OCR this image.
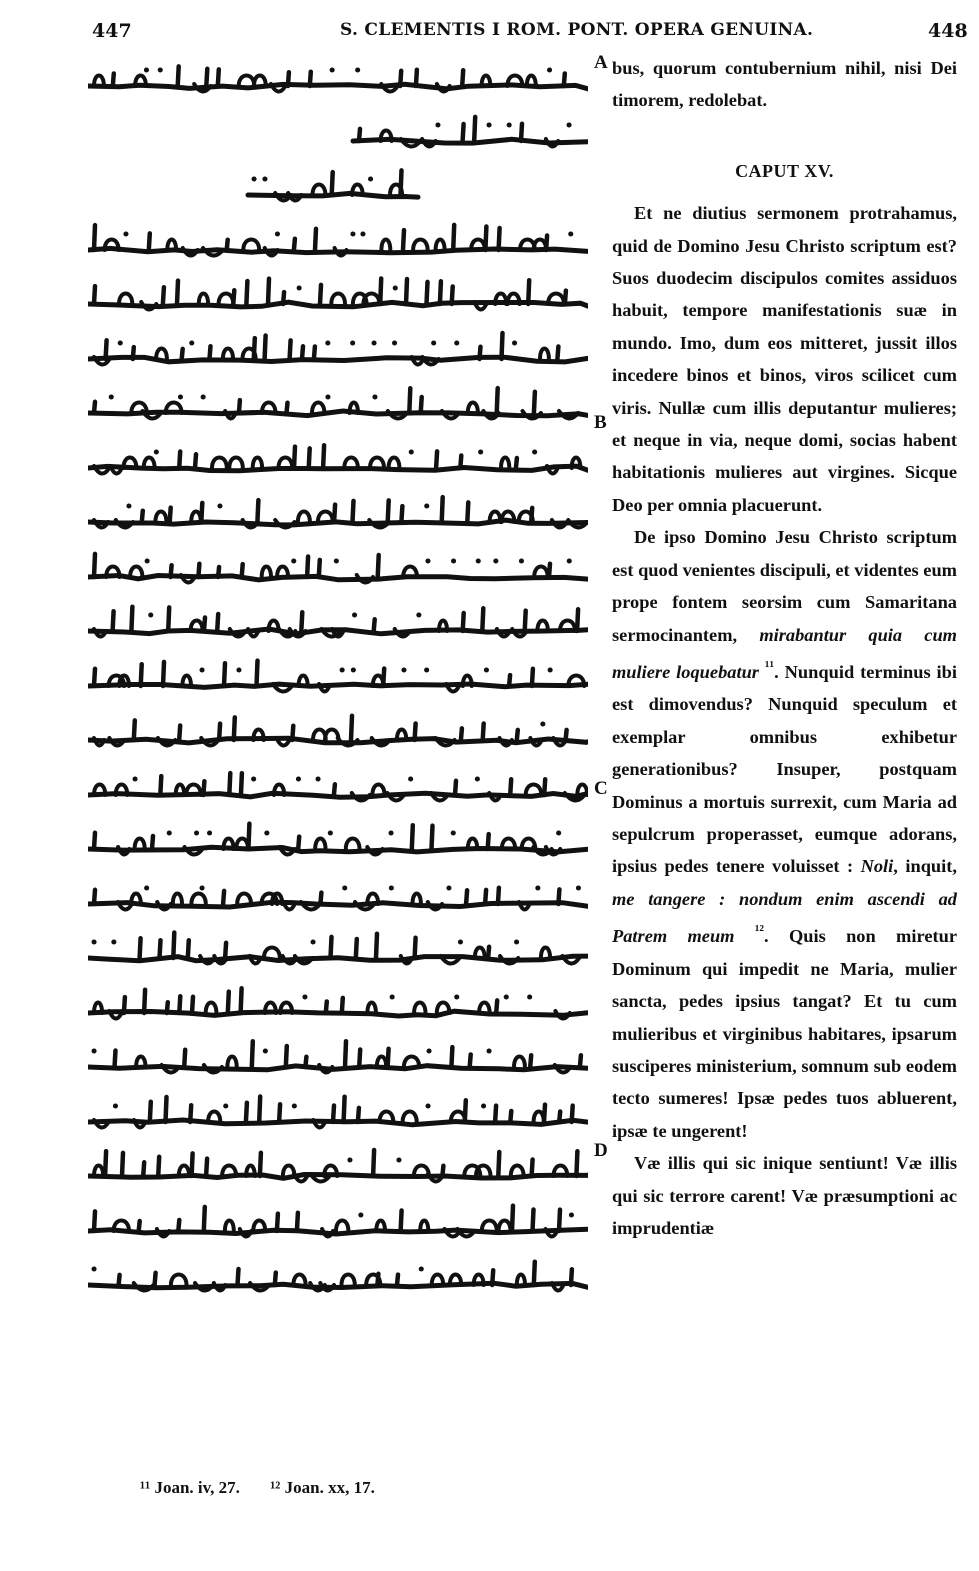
447	S. CLEMENTIS I ROM. PONT. OPERA GENUINA.	448
A
B
C
D

bus, quorum contubernium nihil, nisi Dei timorem, redolebat.

CAPUT XV.

Et ne diutius sermonem protrahamus, quid de Domino Jesu Christo scriptum est? Suos duodecim discipulos comites assiduos habuit, tempore manifestationis suæ in mundo. Imo, dum eos mitteret, jussit illos incedere binos et binos, viros scilicet cum viris. Nullæ cum illis deputantur mulieres; et neque in via, neque domi, socias habent habitationis mulieres aut virgines. Sicque Deo per omnia placuerunt.

De ipso Domino Jesu Christo scriptum est quod venientes discipuli, et videntes eum prope fontem seorsim cum Samaritana sermocinantem, mirabantur quia cum muliere loquebatur $^{^{11}}$. Nunquid terminus ibi est dimovendus? Nunquid speculum et exemplar omnibus exhibetur generationibus? Insuper, postquam Dominus a mortuis surrexit, cum Maria ad sepulcrum properasset, eumque adorans, ipsius pedes tenere voluisset : Noli, inquit, me tangere : nondum enim ascendi ad Patrem meum $^{^{12}}$. Quis non miretur Dominum qui impedit ne Maria, mulier sancta, pedes ipsius tangat? Et tu cum mulieribus et virginibus habitares, ipsarum susciperes ministerium, somnum sub eodem tecto sumeres! Ipsæ pedes tuos abluerent, ipsæ te ungerent!

Væ illis qui sic inique sentiunt! Væ illis qui sic terrore carent! Væ præsumptioni ac imprudentiæ

¹¹ Joan. iv, 27. ¹² Joan. xx, 17.
